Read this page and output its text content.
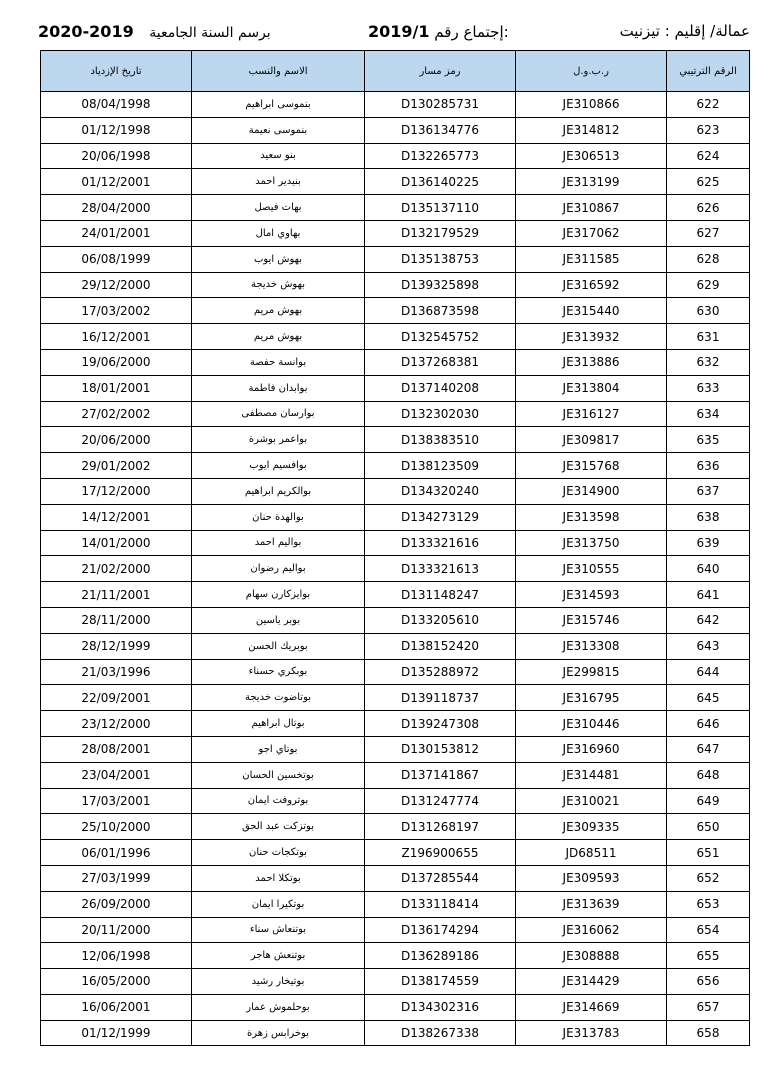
2020-2019 برسم السنة الجامعية	2019/1 إجتماع رقم:	عمالة/ إقليم : تيزنيت
تاريخ الإزدياد	الاسم والنسب	رمز مسار	ر.ب.و.ل	الرقم الترتيبي
08/04/1998	بنموسى ابراهيم	D130285731	JE310866	622
01/12/1998	بنموسى نعيمة	D136134776	JE314812	623
20/06/1998	بنو سعيد	D132265773	JE306513	624
01/12/2001	بنيدير احمد	D136140225	JE313199	625
28/04/2000	بهات فيصل	D135137110	JE310867	626
24/01/2001	بهاوي امال	D132179529	JE317062	627
06/08/1999	بهوش ايوب	D135138753	JE311585	628
29/12/2000	بهوش خديجة	D139325898	JE316592	629
17/03/2002	بهوش مريم	D136873598	JE315440	630
16/12/2001	بهوش مريم	D132545752	JE313932	631
19/06/2000	بوانسة حفصة	D137268381	JE313886	632
18/01/2001	بوابدان فاطمة	D137140208	JE313804	633
27/02/2002	بوارسان مصطفى	D132302030	JE316127	634
20/06/2000	بواعمر بوشرة	D138383510	JE309817	635
29/01/2002	بوافسيم ايوب	D138123509	JE315768	636
17/12/2000	بوالكريم ابراهيم	D134320240	JE314900	637
14/12/2001	بوالهدة حنان	D134273129	JE313598	638
14/01/2000	بواليم احمد	D133321616	JE313750	639
21/02/2000	بواليم رضوان	D133321613	JE310555	640
21/11/2001	بوايزكارن سهام	D131148247	JE314593	641
28/11/2000	بوبر ياسين	D133205610	JE315746	642
28/12/1999	بوبريك الحسن	D138152420	JE313308	643
21/03/1996	بوبكري حسناء	D135288972	JE299815	644
22/09/2001	بوتاضوت خديجة	D139118737	JE316795	645
23/12/2000	بوتال ابراهيم	D139247308	JE310446	646
28/08/2001	بوتاي اجو	D130153812	JE316960	647
23/04/2001	بوتخسين الحسان	D137141867	JE314481	648
17/03/2001	بوتروفت ايمان	D131247774	JE310021	649
25/10/2000	بوتزكت عبد الحق	D131268197	JE309335	650
06/01/1996	بوتكجات حنان	Z196900655	JD68511	651
27/03/1999	بوتكلا احمد	D137285544	JE309593	652
26/09/2000	بوتكيرا ايمان	D133118414	JE313639	653
20/11/2000	بوتنعاش سناء	D136174294	JE316062	654
12/06/1998	بوتنعش هاجر	D136289186	JE308888	655
16/05/2000	بوتيخار رشيد	D138174559	JE314429	656
16/06/2001	بوحلموش عمار	D134302316	JE314669	657
01/12/1999	بوخرابس زهرة	D138267338	JE313783	658
